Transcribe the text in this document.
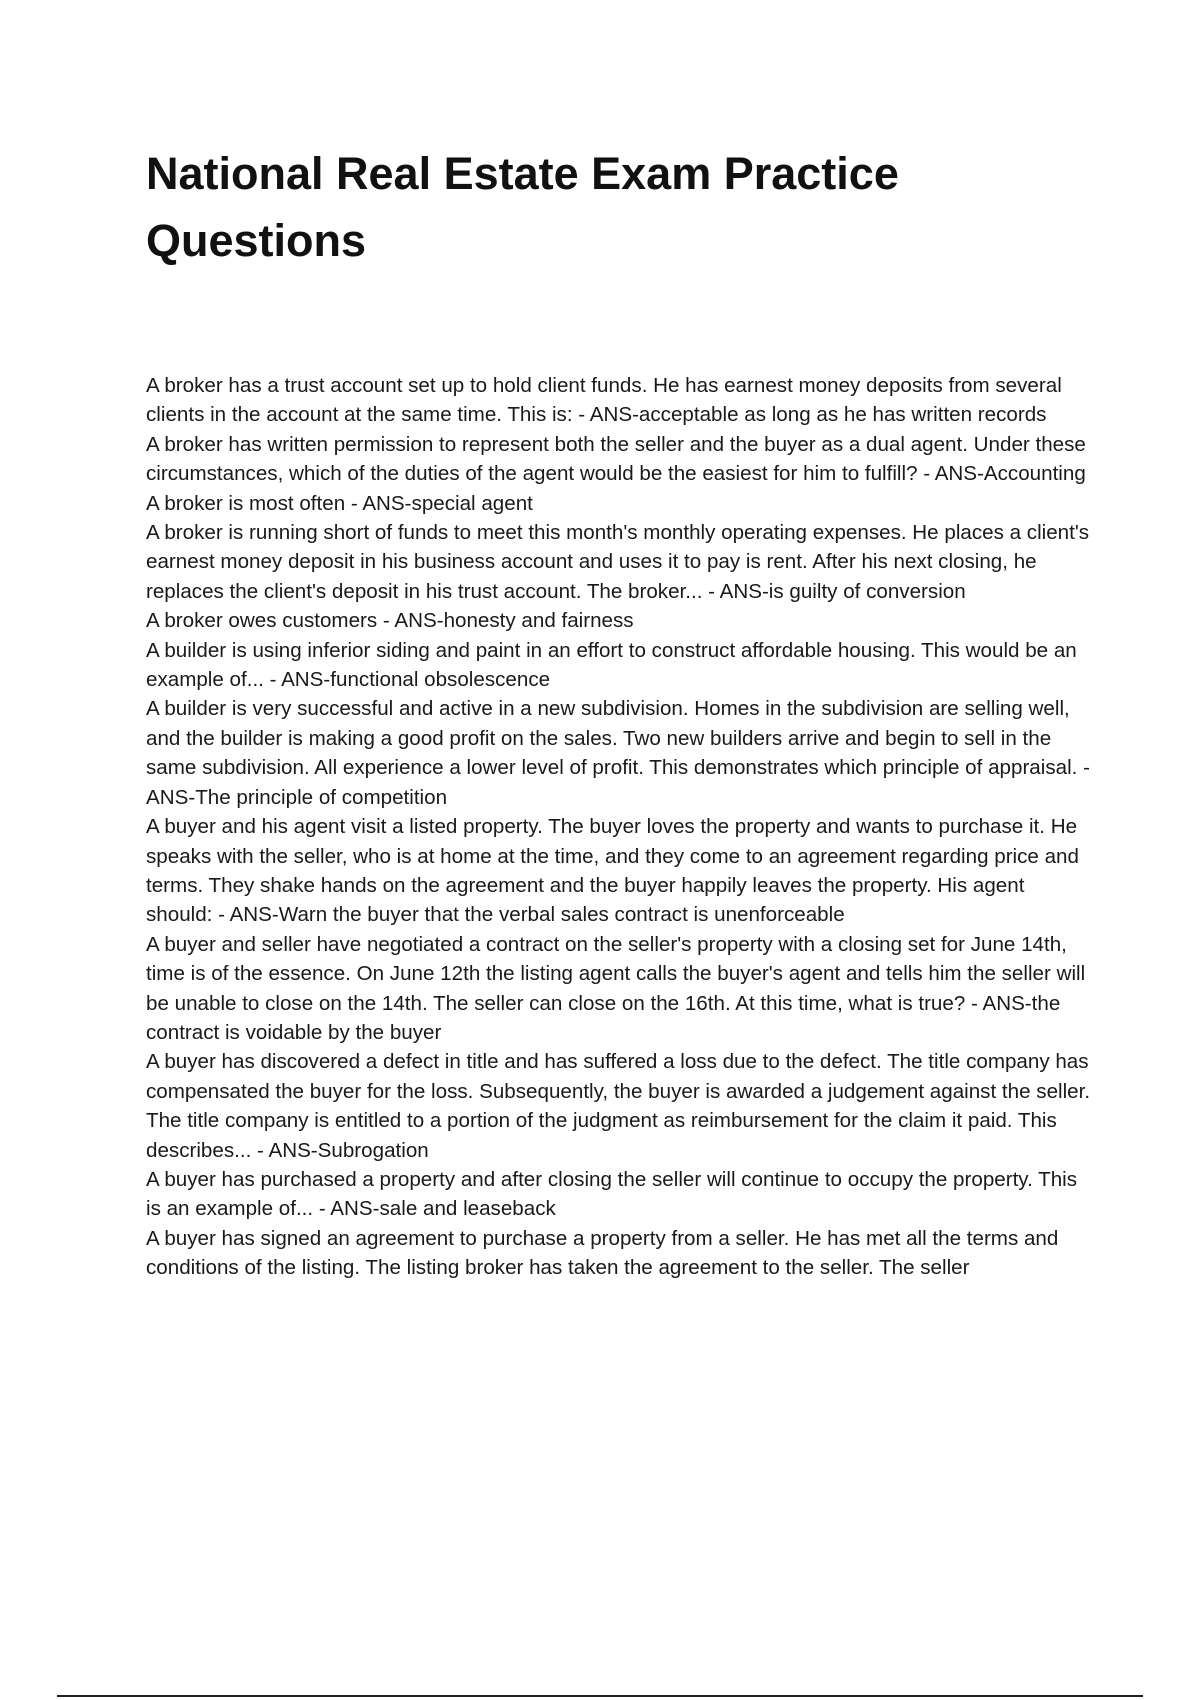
National Real Estate Exam Practice Questions
A broker has a trust account set up to hold client funds. He has earnest money deposits from several clients in the account at the same time. This is: - ANS-acceptable as long as he has written records
A broker has written permission to represent both the seller and the buyer as a dual agent. Under these circumstances, which of the duties of the agent would be the easiest for him to fulfill? - ANS-Accounting
A broker is most often - ANS-special agent
A broker is running short of funds to meet this month's monthly operating expenses. He places a client's earnest money deposit in his business account and uses it to pay is rent. After his next closing, he replaces the client's deposit in his trust account. The broker... - ANS-is guilty of conversion
A broker owes customers - ANS-honesty and fairness
A builder is using inferior siding and paint in an effort to construct affordable housing. This would be an example of... - ANS-functional obsolescence
A builder is very successful and active in a new subdivision. Homes in the subdivision are selling well, and the builder is making a good profit on the sales. Two new builders arrive and begin to sell in the same subdivision. All experience a lower level of profit. This demonstrates which principle of appraisal. - ANS-The principle of competition
A buyer and his agent visit a listed property. The buyer loves the property and wants to purchase it. He speaks with the seller, who is at home at the time, and they come to an agreement regarding price and terms. They shake hands on the agreement and the buyer happily leaves the property. His agent should: - ANS-Warn the buyer that the verbal sales contract is unenforceable
A buyer and seller have negotiated a contract on the seller's property with a closing set for June 14th, time is of the essence. On June 12th the listing agent calls the buyer's agent and tells him the seller will be unable to close on the 14th. The seller can close on the 16th. At this time, what is true? - ANS-the contract is voidable by the buyer
A buyer has discovered a defect in title and has suffered a loss due to the defect. The title company has compensated the buyer for the loss. Subsequently, the buyer is awarded a judgement against the seller. The title company is entitled to a portion of the judgment as reimbursement for the claim it paid. This describes... - ANS-Subrogation
A buyer has purchased a property and after closing the seller will continue to occupy the property. This is an example of... - ANS-sale and leaseback
A buyer has signed an agreement to purchase a property from a seller. He has met all the terms and conditions of the listing. The listing broker has taken the agreement to the seller. The seller
